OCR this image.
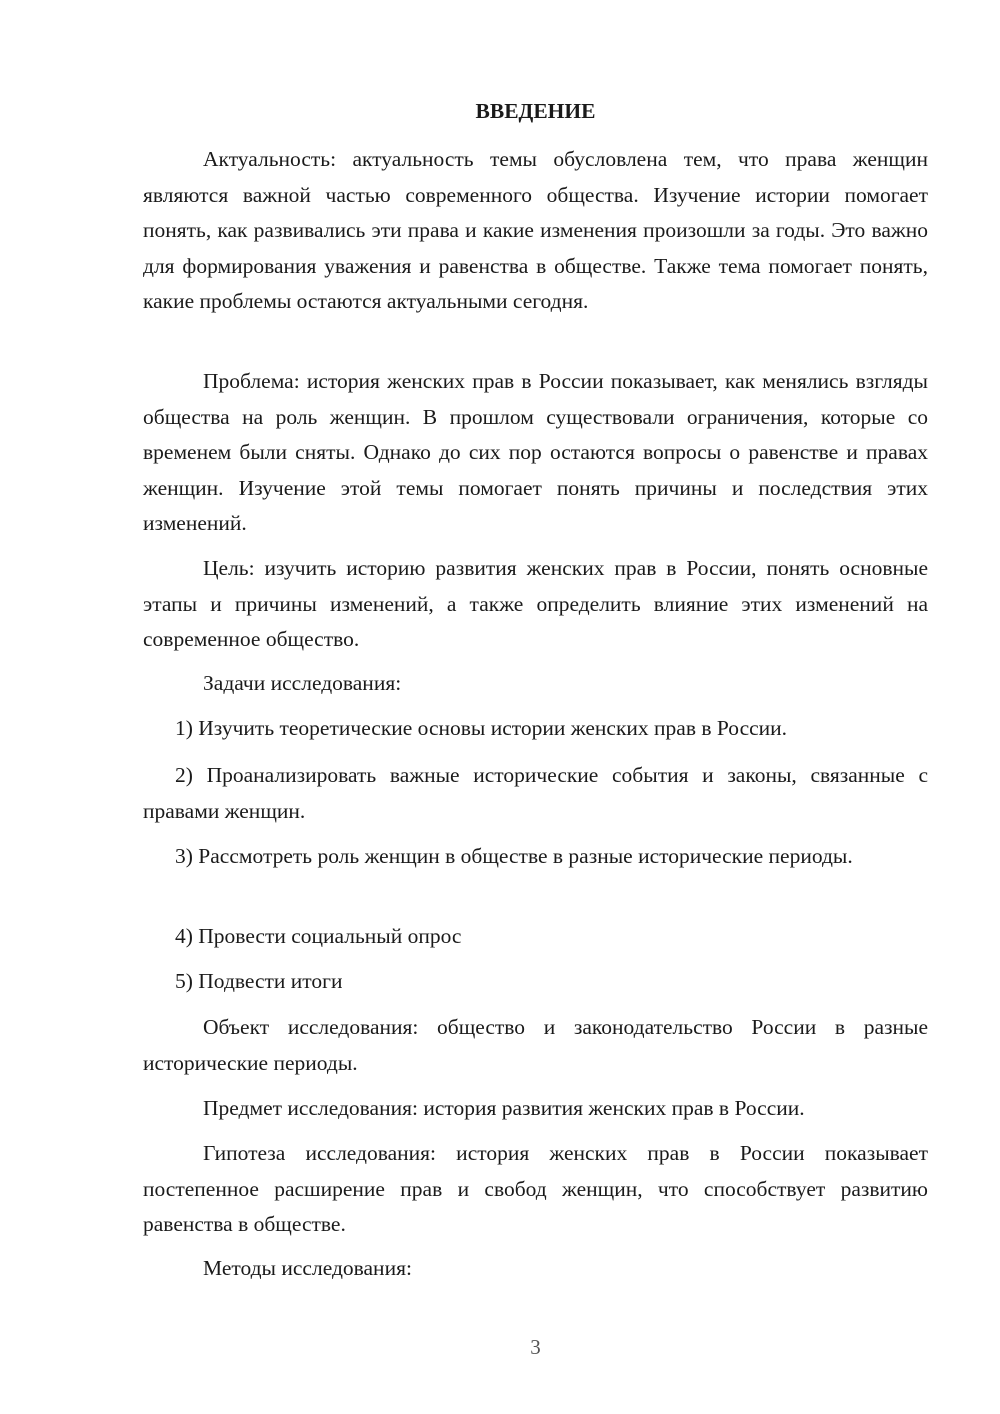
ВВЕДЕНИЕ

Актуальность: актуальность темы обусловлена тем, что права женщин являются важной частью современного общества. Изучение истории помогает понять, как развивались эти права и какие изменения произошли за годы. Это важно для формирования уважения и равенства в обществе. Также тема помогает понять, какие проблемы остаются актуальными сегодня.

Проблема: история женских прав в России показывает, как менялись взгляды общества на роль женщин. В прошлом существовали ограничения, которые со временем были сняты. Однако до сих пор остаются вопросы о равенстве и правах женщин. Изучение этой темы помогает понять причины и последствия этих изменений.

Цель: изучить историю развития женских прав в России, понять основные этапы и причины изменений, а также определить влияние этих изменений на современное общество.

Задачи исследования:

1) Изучить теоретические основы истории женских прав в России.

2) Проанализировать важные исторические события и законы, связанные с правами женщин.

3) Рассмотреть роль женщин в обществе в разные исторические периоды.

4) Провести социальный опрос

5) Подвести итоги

Объект исследования: общество и законодательство России в разные исторические периоды.

Предмет исследования: история развития женских прав в России.

Гипотеза исследования: история женских прав в России показывает постепенное расширение прав и свобод женщин, что способствует развитию равенства в обществе.

Методы исследования:

3
